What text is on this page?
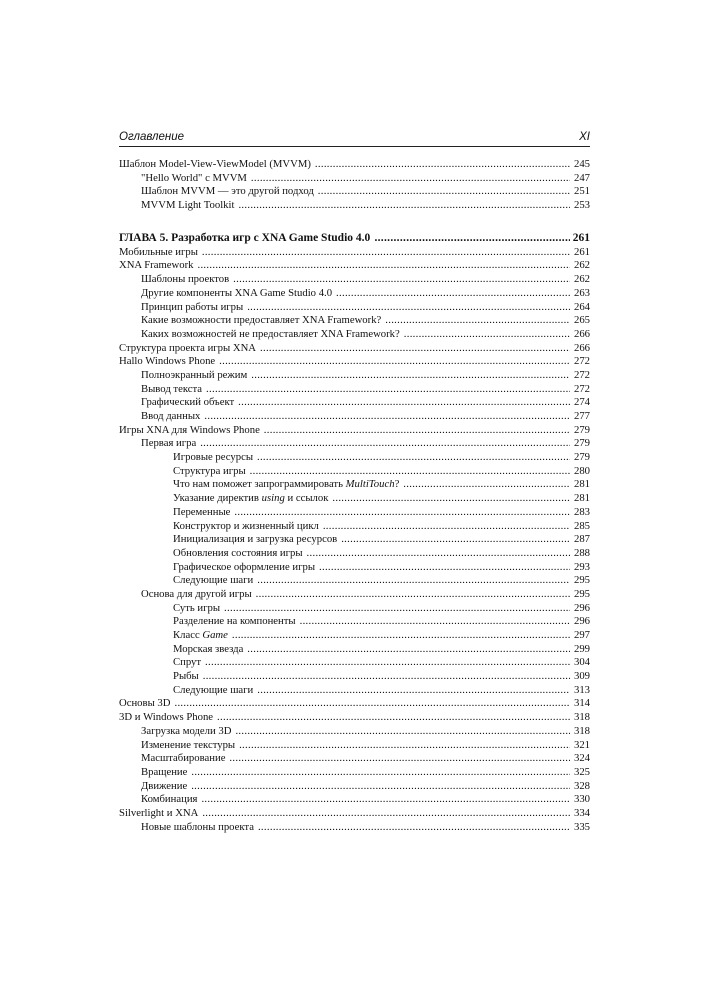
Оглавление	XI
Шаблон Model-View-ViewModel (MVVM) .....	245
"Hello World" с MVVM .....	247
Шаблон MVVM — это другой подход .....	251
MVVM Light Toolkit .....	253
ГЛАВА 5. Разработка игр с XNA Game Studio 4.0 .....	261
Мобильные игры .....	261
XNA Framework .....	262
Шаблоны проектов .....	262
Другие компоненты XNA Game Studio 4.0 .....	263
Принцип работы игры .....	264
Какие возможности предоставляет XNA Framework? .....	265
Каких возможностей не предоставляет XNA Framework? .....	266
Структура проекта игры XNA .....	266
Hallo Windows Phone .....	272
Полноэкранный режим .....	272
Вывод текста .....	272
Графический объект .....	274
Ввод данных .....	277
Игры XNA для Windows Phone .....	279
Первая игра .....	279
Игровые ресурсы .....	279
Структура игры .....	280
Что нам поможет запрограммировать MultiTouch? .....	281
Указание директив using и ссылок .....	281
Переменные .....	283
Конструктор и жизненный цикл .....	285
Инициализация и загрузка ресурсов .....	287
Обновления состояния игры .....	288
Графическое оформление игры .....	293
Следующие шаги .....	295
Основа для другой игры .....	295
Суть игры .....	296
Разделение на компоненты .....	296
Класс Game .....	297
Морская звезда .....	299
Спрут .....	304
Рыбы .....	309
Следующие шаги .....	313
Основы 3D .....	314
3D и Windows Phone .....	318
Загрузка модели 3D .....	318
Изменение текстуры .....	321
Масштабирование .....	324
Вращение .....	325
Движение .....	328
Комбинация .....	330
Silverlight и XNA .....	334
Новые шаблоны проекта .....	335
